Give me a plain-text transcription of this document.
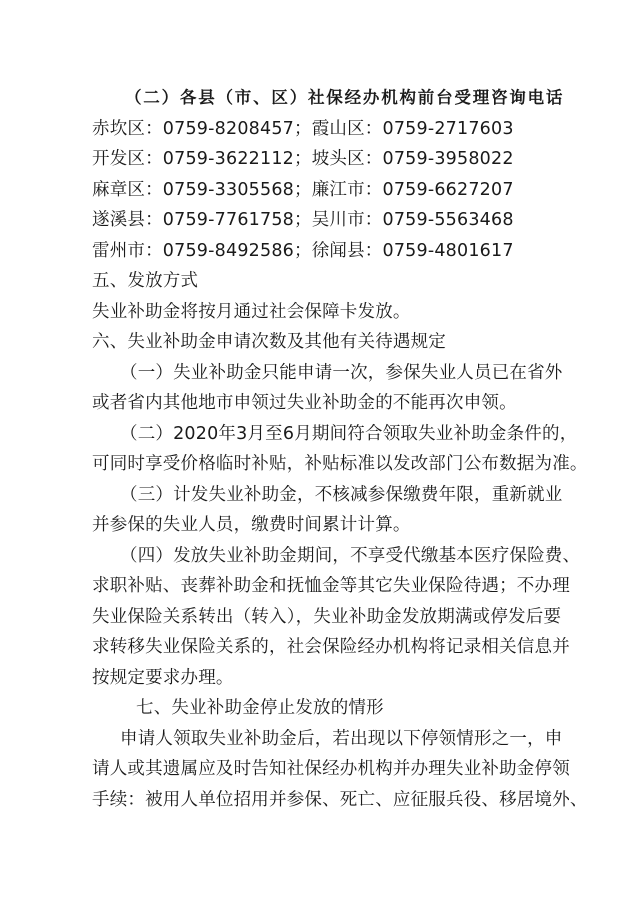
（二）各县（市、区）社保经办机构前台受理咨询电话
赤坎区：0759-8208457；霞山区：0759-2717603
开发区：0759-3622112；坡头区：0759-3958022
麻章区：0759-3305568；廉江市：0759-6627207
遂溪县：0759-7761758；吴川市：0759-5563468
雷州市：0759-8492586；徐闻县：0759-4801617
五、发放方式
失业补助金将按月通过社会保障卡发放。
六、失业补助金申请次数及其他有关待遇规定
（一）失业补助金只能申请一次，参保失业人员已在省外
或者省内其他地市申领过失业补助金的不能再次申领。
（二）2020年3月至6月期间符合领取失业补助金条件的，
可同时享受价格临时补贴，补贴标准以发改部门公布数据为准。
（三）计发失业补助金，不核减参保缴费年限，重新就业
并参保的失业人员，缴费时间累计计算。
（四）发放失业补助金期间，不享受代缴基本医疗保险费、
求职补贴、丧葬补助金和抚恤金等其它失业保险待遇；不办理
失业保险关系转出（转入），失业补助金发放期满或停发后要
求转移失业保险关系的，社会保险经办机构将记录相关信息并
按规定要求办理。
七、失业补助金停止发放的情形
申请人领取失业补助金后，若出现以下停领情形之一，申
请人或其遗属应及时告知社保经办机构并办理失业补助金停领
手续：被用人单位招用并参保、死亡、应征服兵役、移居境外、
